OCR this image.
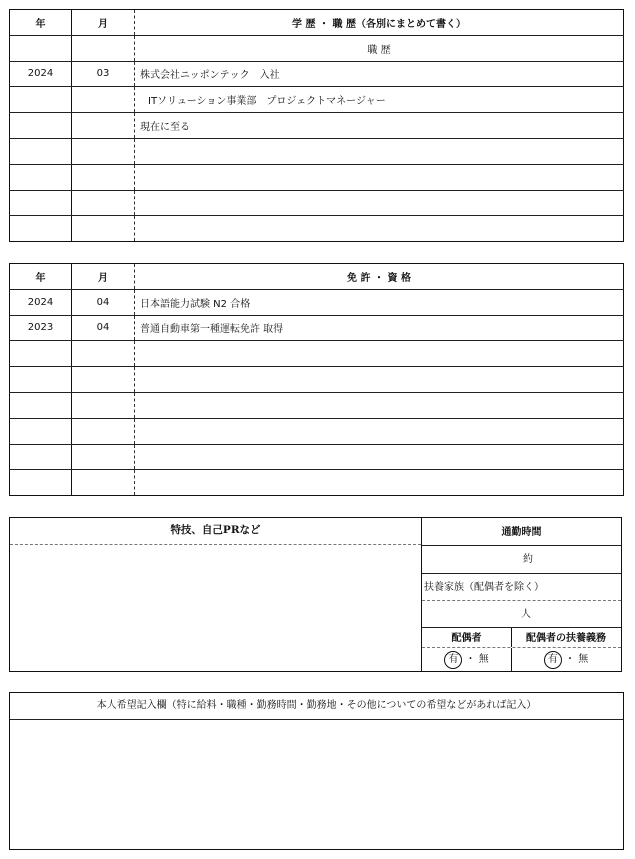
年	月	学 歴 ・ 職 歴（各別にまとめて書く）
		職 歴
2024	03	株式会社ニッポンテック　入社
		ITソリューション事業部　プロジェクトマネージャー
		現在に至る

年	月	免 許 ・ 資 格
2024	04	日本語能力試験 N2 合格
2023	04	普通自動車第一種運転免許 取得

特技、自己PRなど	通勤時間
約
扶養家族（配偶者を除く）
人
配偶者	配偶者の扶養義務
有 ・ 無	有 ・ 無
本人希望記入欄（特に給料・職種・勤務時間・勤務地・その他についての希望などがあれば記入）
